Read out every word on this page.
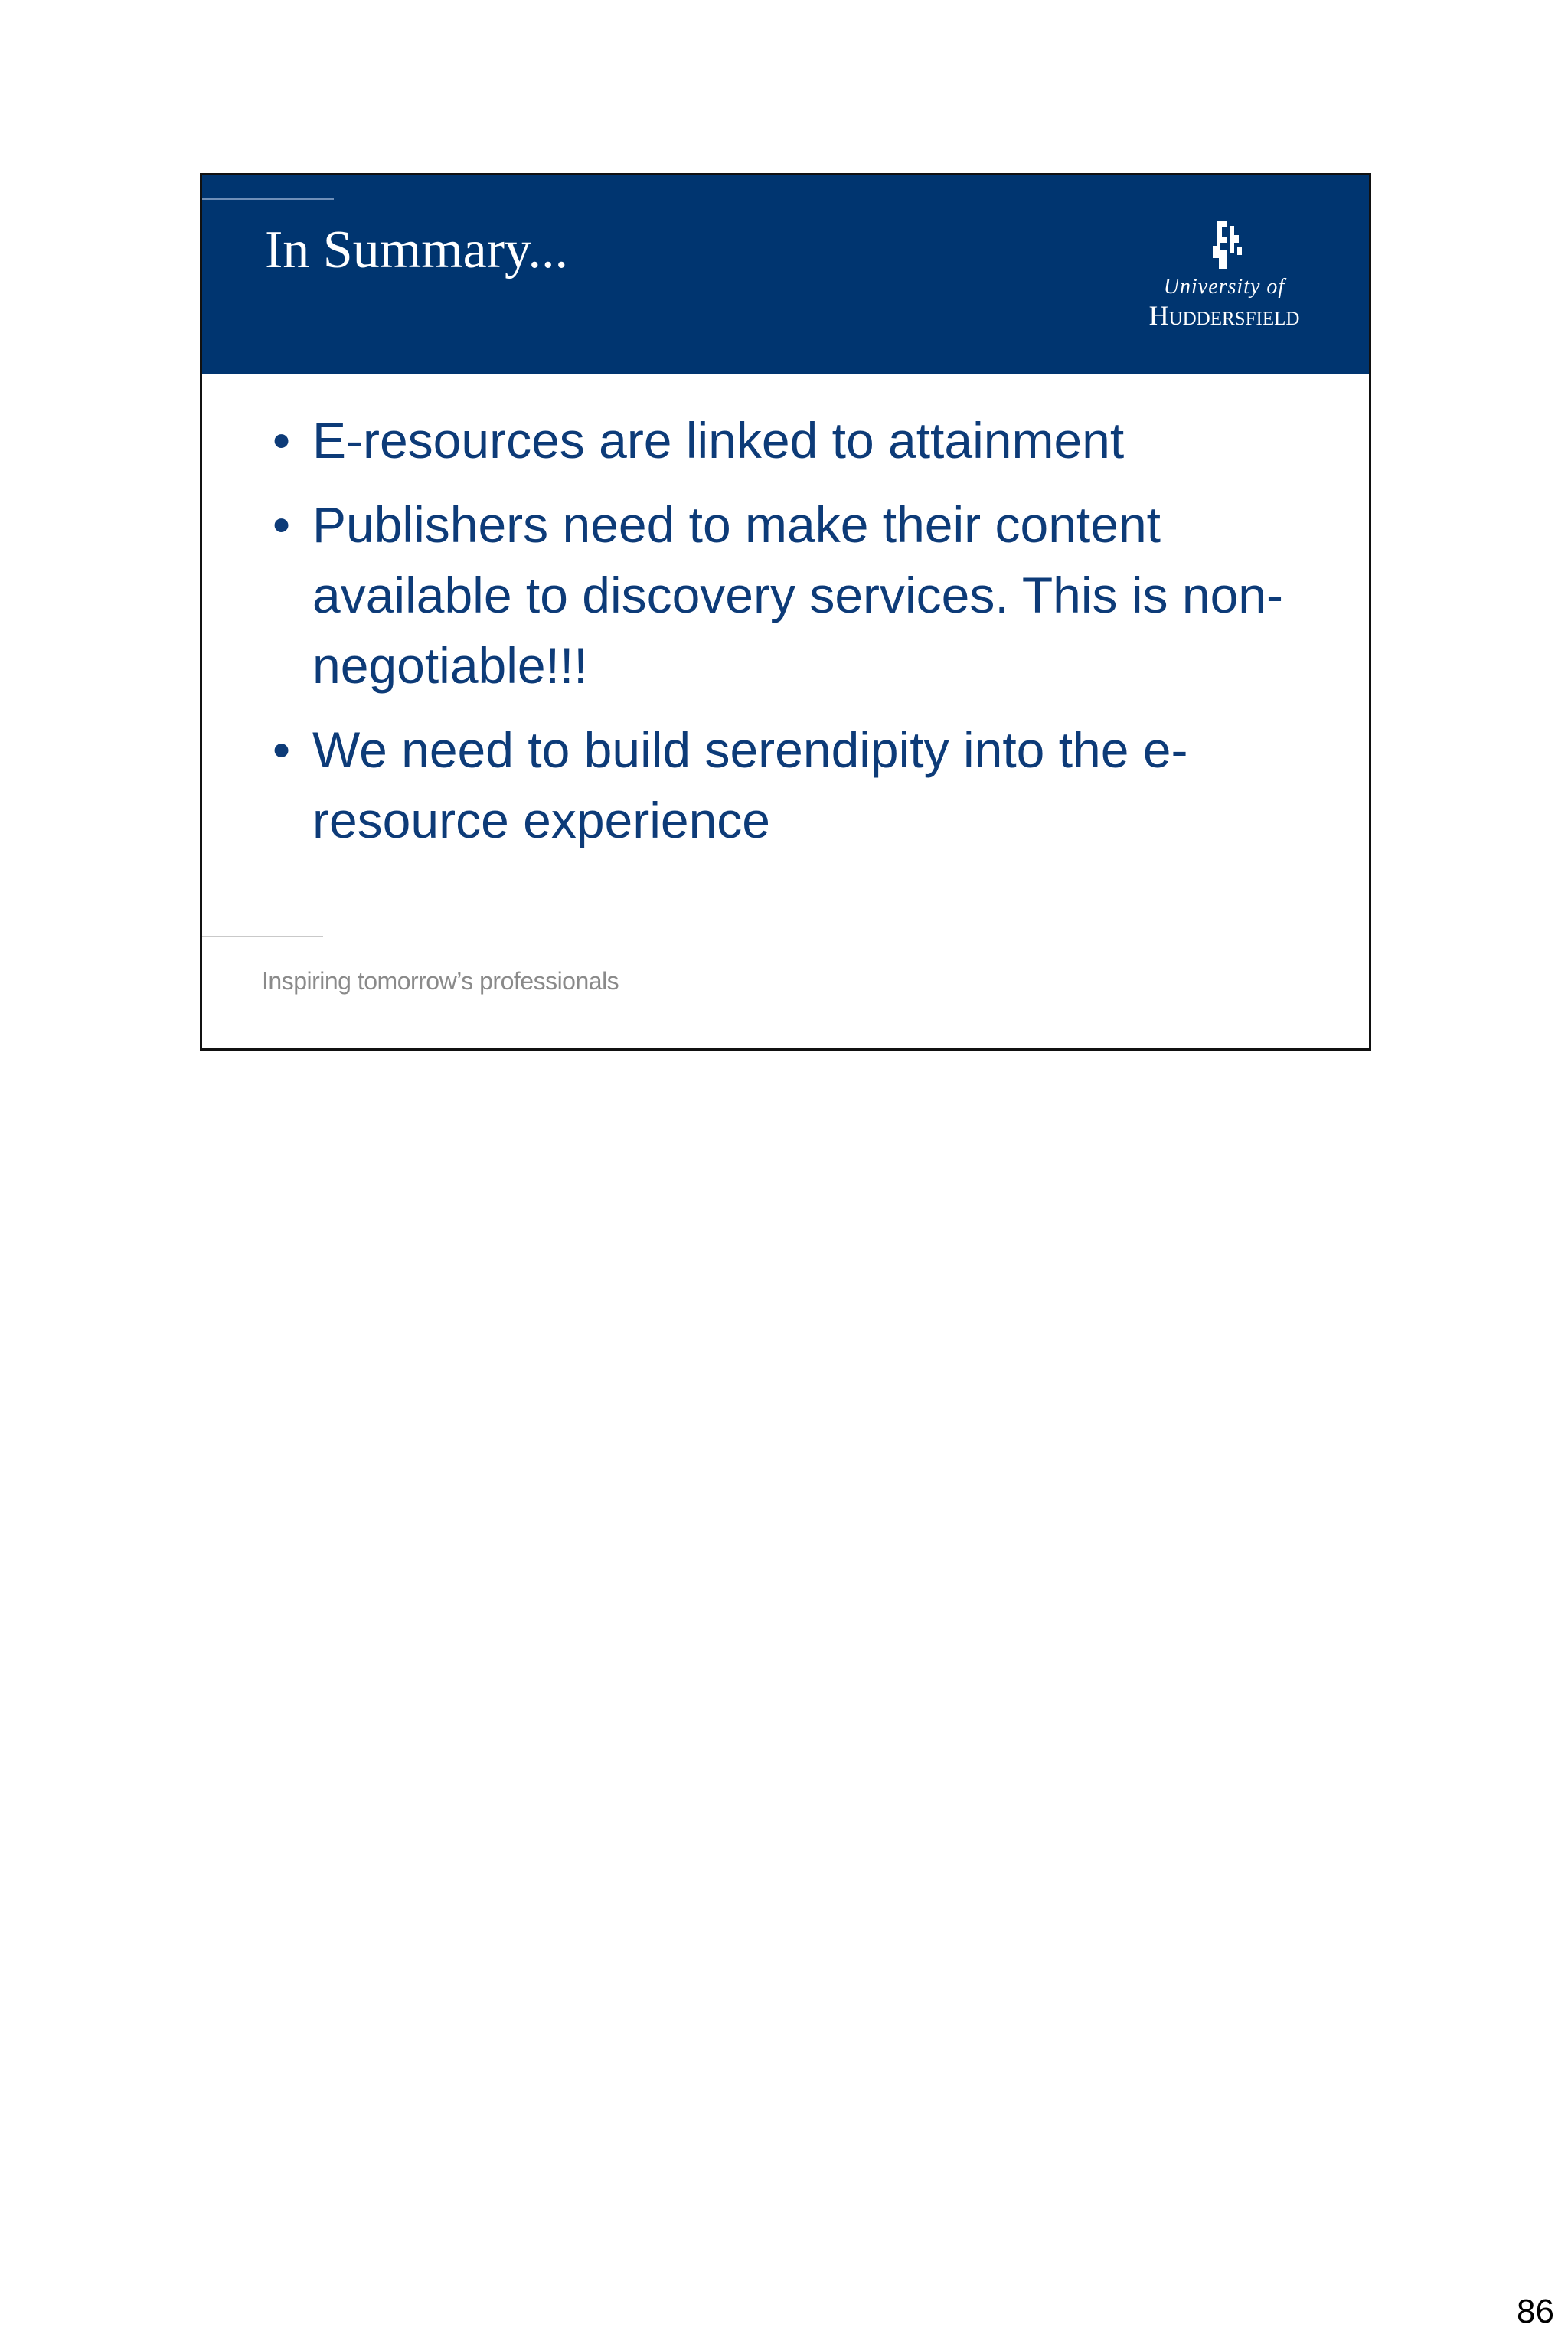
In Summary...
University of
Huddersfield
• E-resources are linked to attainment
• Publishers need to make their content available to discovery services. This is non-negotiable!!!
• We need to build serendipity into the e-resource experience
Inspiring tomorrow’s professionals
86
